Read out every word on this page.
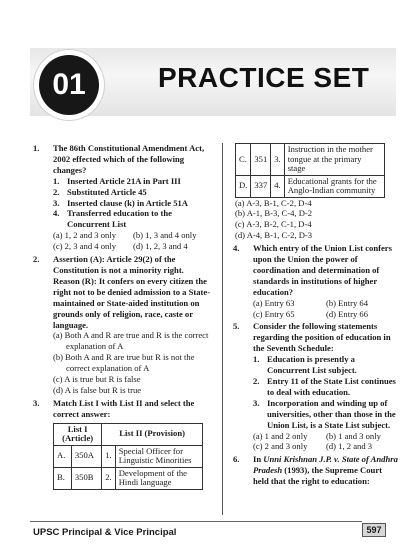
01	PRACTICE SET
1. The 86th Constitutional Amendment Act, 2002 effected which of the following changes?
1. Inserted Article 21A in Part III
2. Substituted Article 45
3. Inserted clause (k) in Article 51A
4. Transferred education to the Concurrent List
(a) 1, 2 and 3 only	(b) 1, 3 and 4 only
(c) 2, 3 and 4 only	(d) 1, 2, 3 and 4
2. Assertion (A): Article 29(2) of the Constitution is not a minority right.
Reason (R): It confers on every citizen the right not to be denied admission to a State-maintained or State-aided institution on grounds only of religion, race, caste or language.
(a) Both A and R are true and R is the correct explanation of A
(b) Both A and R are true but R is not the correct explanation of A
(c) A is true but R is false
(d) A is false but R is true
3. Match List I with List II and select the correct answer:
List I (Article)		List II (Provision)	
A.	350A	1.	Special Officer for Linguistic Minorities
B.	350B	2.	Development of the Hindi language
C.	351	3.	Instruction in the mother tongue at the primary stage
D.	337	4.	Educational grants for the Anglo-Indian community
(a) A-3, B-1, C-2, D-4
(b) A-1, B-3, C-4, D-2
(c) A-3, B-2, C-1, D-4
(d) A-4, B-1, C-2, D-3
4. Which entry of the Union List confers upon the Union the power of coordination and determination of standards in institutions of higher education?
(a) Entry 63	(b) Entry 64
(c) Entry 65	(d) Entry 66
5. Consider the following statements regarding the position of education in the Seventh Schedule:
1. Education is presently a Concurrent List subject.
2. Entry 11 of the State List continues to deal with education.
3. Incorporation and winding up of universities, other than those in the Union List, is a State List subject.
(a) 1 and 2 only	(b) 1 and 3 only
(c) 2 and 3 only	(d) 1, 2 and 3
6. In Unni Krishnan J.P. v. State of Andhra Pradesh (1993), the Supreme Court held that the right to education:
UPSC Principal & Vice Principal	597
